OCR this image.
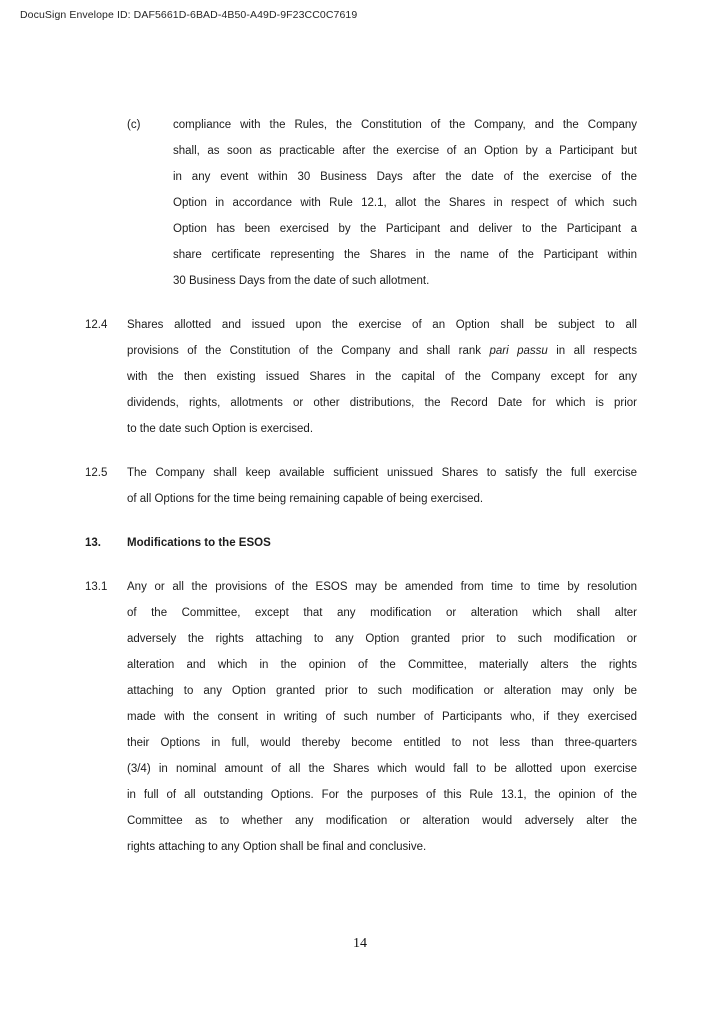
DocuSign Envelope ID: DAF5661D-6BAD-4B50-A49D-9F23CC0C7619
(c)	compliance with the Rules, the Constitution of the Company, and the Company
shall, as soon as practicable after the exercise of an Option by a Participant but
in any event within 30 Business Days after the date of the exercise of the
Option in accordance with Rule 12.1, allot the Shares in respect of which such
Option has been exercised by the Participant and deliver to the Participant a
share certificate representing the Shares in the name of the Participant within
30 Business Days from the date of such allotment.
12.4	Shares allotted and issued upon the exercise of an Option shall be subject to all
provisions of the Constitution of the Company and shall rank pari passu in all respects
with the then existing issued Shares in the capital of the Company except for any
dividends, rights, allotments or other distributions, the Record Date for which is prior
to the date such Option is exercised.
12.5	The Company shall keep available sufficient unissued Shares to satisfy the full exercise
of all Options for the time being remaining capable of being exercised.
13.	Modifications to the ESOS
13.1	Any or all the provisions of the ESOS may be amended from time to time by resolution
of the Committee, except that any modification or alteration which shall alter
adversely the rights attaching to any Option granted prior to such modification or
alteration and which in the opinion of the Committee, materially alters the rights
attaching to any Option granted prior to such modification or alteration may only be
made with the consent in writing of such number of Participants who, if they exercised
their Options in full, would thereby become entitled to not less than three-quarters
(3/4) in nominal amount of all the Shares which would fall to be allotted upon exercise
in full of all outstanding Options. For the purposes of this Rule 13.1, the opinion of the
Committee as to whether any modification or alteration would adversely alter the
rights attaching to any Option shall be final and conclusive.
14
